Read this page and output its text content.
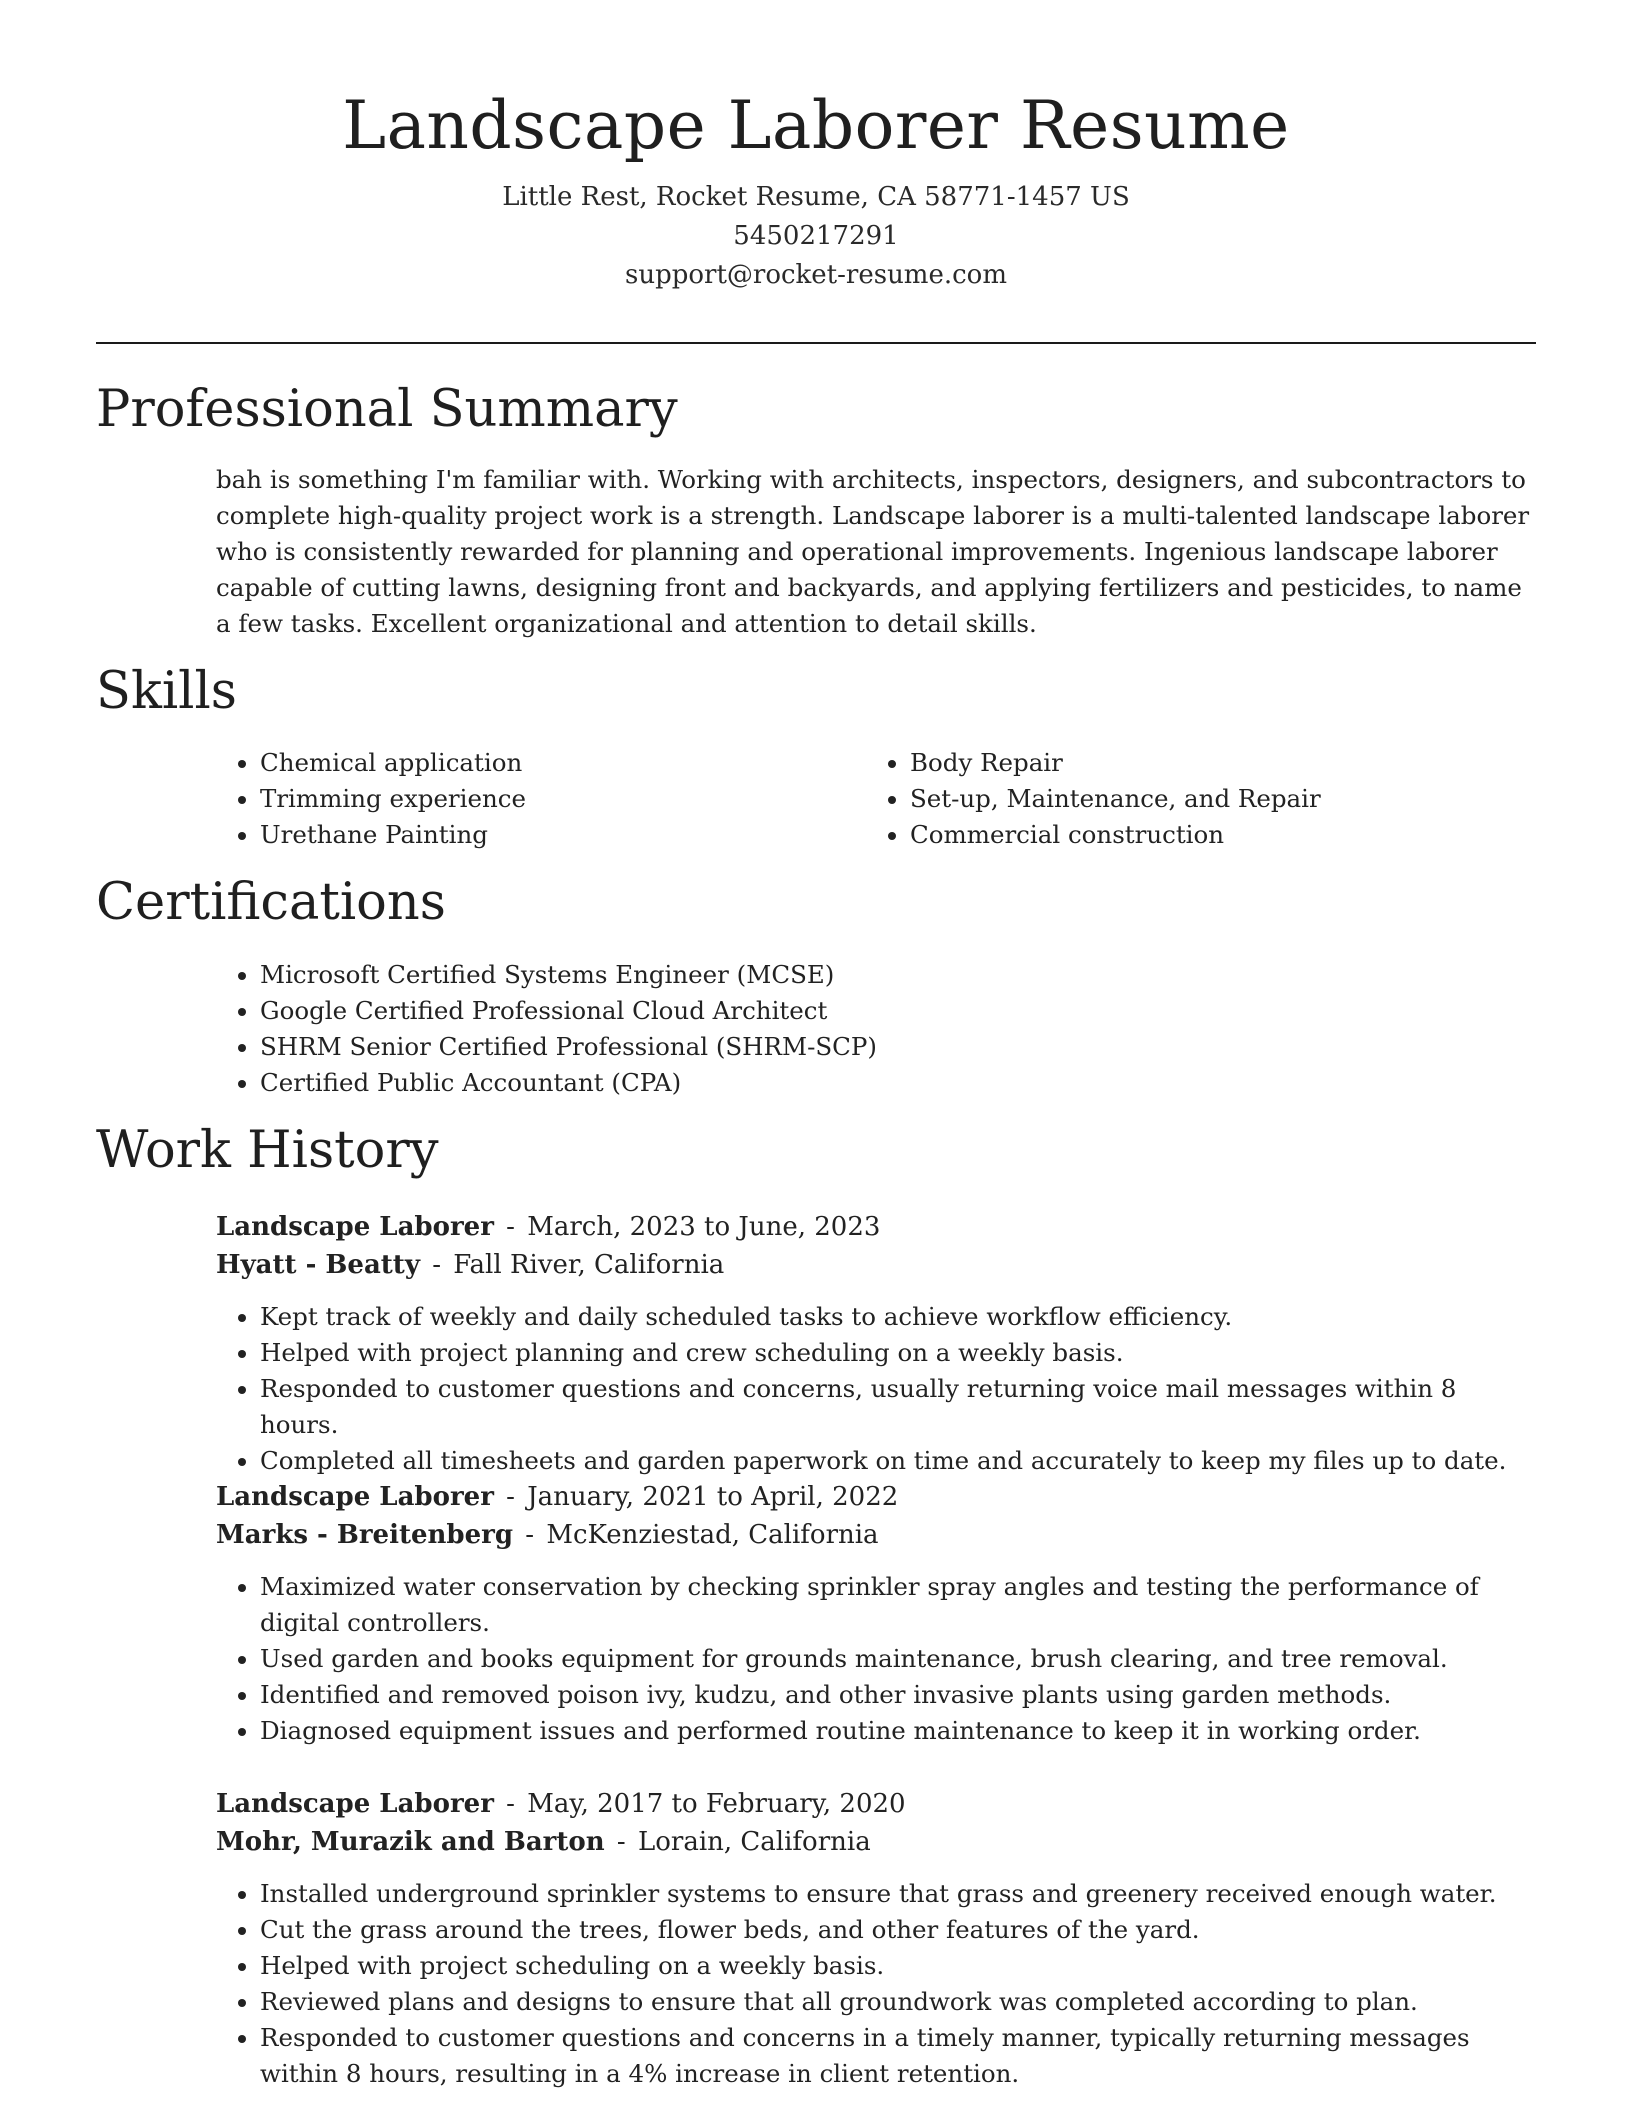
Landscape Laborer Resume
Little Rest, Rocket Resume, CA 58771-1457 US
5450217291
support@rocket-resume.com
Professional Summary

bah is something I'm familiar with. Working with architects, inspectors, designers, and subcontractors to complete high-quality project work is a strength. Landscape laborer is a multi-talented landscape laborer who is consistently rewarded for planning and operational improvements. Ingenious landscape laborer capable of cutting lawns, designing front and backyards, and applying fertilizers and pesticides, to name a few tasks. Excellent organizational and attention to detail skills.

Skills
• Chemical application
• Trimming experience
• Urethane Painting
• Body Repair
• Set-up, Maintenance, and Repair
• Commercial construction
Certifications
• Microsoft Certified Systems Engineer (MCSE)
• Google Certified Professional Cloud Architect
• SHRM Senior Certified Professional (SHRM-SCP)
• Certified Public Accountant (CPA)
Work History
Landscape Laborer - March, 2023 to June, 2023
Hyatt - Beatty - Fall River, California
• Kept track of weekly and daily scheduled tasks to achieve workflow efficiency.
• Helped with project planning and crew scheduling on a weekly basis.
• Responded to customer questions and concerns, usually returning voice mail messages within 8 hours.
• Completed all timesheets and garden paperwork on time and accurately to keep my files up to date.
Landscape Laborer - January, 2021 to April, 2022
Marks - Breitenberg - McKenziestad, California
• Maximized water conservation by checking sprinkler spray angles and testing the performance of digital controllers.
• Used garden and books equipment for grounds maintenance, brush clearing, and tree removal.
• Identified and removed poison ivy, kudzu, and other invasive plants using garden methods.
• Diagnosed equipment issues and performed routine maintenance to keep it in working order.
Landscape Laborer - May, 2017 to February, 2020
Mohr, Murazik and Barton - Lorain, California
• Installed underground sprinkler systems to ensure that grass and greenery received enough water.
• Cut the grass around the trees, flower beds, and other features of the yard.
• Helped with project scheduling on a weekly basis.
• Reviewed plans and designs to ensure that all groundwork was completed according to plan.
• Responded to customer questions and concerns in a timely manner, typically returning messages within 8 hours, resulting in a 4% increase in client retention.
